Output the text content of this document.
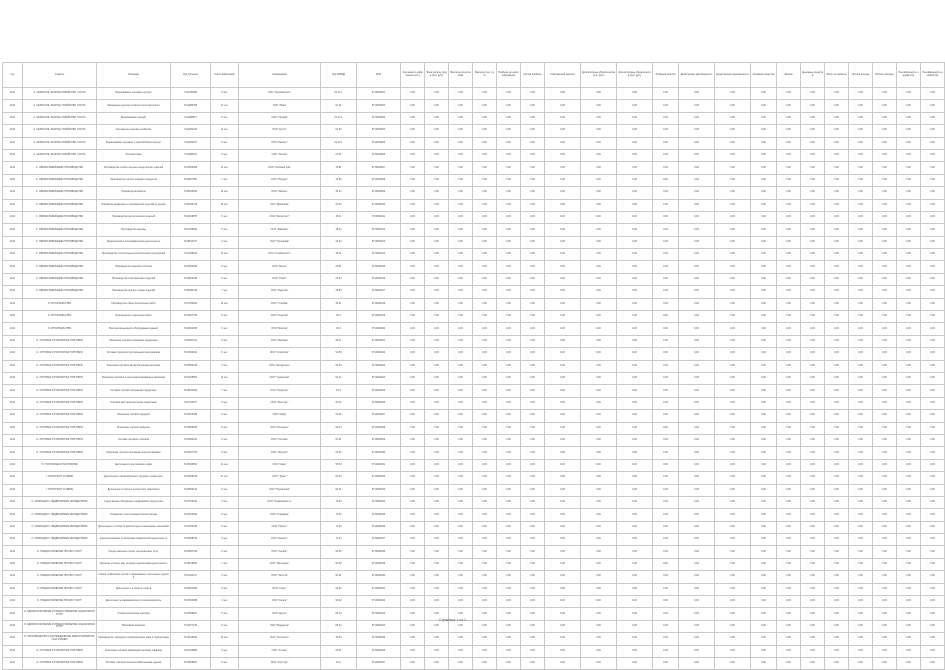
Год	Отрасль	Описание	Код субъекта	Число работников	Организация	Код ОКВЭД	ИНН	Численность работников (чел.)	Фонд оплаты труда (тыс. руб.)	Выплаты по договорам	Выручка (тыс. руб.)	Прибыль до налогообложения	Чистая прибыль	Собственный капитал	Долгосрочные обязательства (тыс. руб.)	Краткосрочные обязательства (тыс. руб.)	Уставный капитал	Дебиторская задолженность	Кредиторская задолженность	Основные средства	Запасы	Денежные средства	Налог на прибыль	Прочие доходы	Прочие расходы	Рентабельность продаж (%)	Рентабельность активов (%)
2011	А. СЕЛЬСКОЕ, ЛЕСНОЕ ХОЗЯЙСТВО, ОХОТА	Выращивание зерновых культур	7111790385	6 чел.	ООО "Агрокомплекс"	01.11.1	5710000001	0,00	0,00	0,00	0,00	0,00	0,00	0,00	0,00	0,00	0,00	0,00	0,00	0,00	0,00	0,00	0,00	0,00	0,00	0,00	0,00
2011	А. СЕЛЬСКОЕ, ЛЕСНОЕ ХОЗЯЙСТВО, ОХОТА	Разведение крупного рогатого скота молочного	7112085238	11 чел.	ООО "Нива"	01.21	5710000002	0,00	0,00	0,00	0,00	0,00	0,00	0,00	0,00	0,00	0,00	0,00	0,00	0,00	0,00	0,00	0,00	0,00	0,00	0,00	0,00
2011	А. СЕЛЬСКОЕ, ЛЕСНОЕ ХОЗЯЙСТВО, ОХОТА	Выращивание овощей	7111288871	9 чел.	ООО "Урожай"	01.12.1	5710000003	0,00	0,00	0,00	0,00	0,00	0,00	0,00	0,00	0,00	0,00	0,00	0,00	0,00	0,00	0,00	0,00	0,00	0,00	0,00	0,00
2011	А. СЕЛЬСКОЕ, ЛЕСНОЕ ХОЗЯЙСТВО, ОХОТА	Смешанное сельское хозяйство	7111029125	14 чел.	ООО "Колос"	01.30	5710000004	0,00	0,00	0,00	0,00	0,00	0,00	0,00	0,00	0,00	0,00	0,00	0,00	0,00	0,00	0,00	0,00	0,00	0,00	0,00	0,00
2011	А. СЕЛЬСКОЕ, ЛЕСНОЕ ХОЗЯЙСТВО, ОХОТА	Выращивание зерновых и зернобобовых культур	7111039237	8 чел.	ООО "Рассвет"	01.11.1	5710000005	0,00	0,00	0,00	0,00	0,00	0,00	0,00	0,00	0,00	0,00	0,00	0,00	0,00	0,00	0,00	0,00	0,00	0,00	0,00	0,00
2011	А. СЕЛЬСКОЕ, ЛЕСНОЕ ХОЗЯЙСТВО, ОХОТА	Лесозаготовки	7111086410	5 чел.	ООО "Лесник"	02.01	5710000006	0,00	0,00	0,00	0,00	0,00	0,00	0,00	0,00	0,00	0,00	0,00	0,00	0,00	0,00	0,00	0,00	0,00	0,00	0,00	0,00
2011	С. ОБРАБАТЫВАЮЩИЕ ПРОИЗВОДСТВА	Производство хлеба и мучных кондитерских изделий	7104063025	12 чел.	ООО "Хлебный дом"	15.81	5710000007	0,00	0,00	0,00	0,00	0,00	0,00	0,00	0,00	0,00	0,00	0,00	0,00	0,00	0,00	0,00	0,00	0,00	0,00	0,00	0,00
2011	С. ОБРАБАТЫВАЮЩИЕ ПРОИЗВОДСТВА	Производство прочих пищевых продуктов	7105027081	7 чел.	ООО "Продукт"	15.89	5710000008	0,00	0,00	0,00	0,00	0,00	0,00	0,00	0,00	0,00	0,00	0,00	0,00	0,00	0,00	0,00	0,00	0,00	0,00	0,00	0,00
2011	С. ОБРАБАТЫВАЮЩИЕ ПРОИЗВОДСТВА	Производство мебели	7106049331	10 чел.	ООО "Мебель"	36.14	5710000009	0,00	0,00	0,00	0,00	0,00	0,00	0,00	0,00	0,00	0,00	0,00	0,00	0,00	0,00	0,00	0,00	0,00	0,00	0,00	0,00
2011	С. ОБРАБАТЫВАЮЩИЕ ПРОИЗВОДСТВА	Обработка древесины и производство изделий из дерева	7103044119	15 чел.	ООО "Древпром"	20.10	5710000010	0,00	0,00	0,00	0,00	0,00	0,00	0,00	0,00	0,00	0,00	0,00	0,00	0,00	0,00	0,00	0,00	0,00	0,00	0,00	0,00
2011	С. ОБРАБАТЫВАЮЩИЕ ПРОИЗВОДСТВА	Производство металлических изделий	7102019875	9 чел.	ООО "Металлист"	28.11	5710000011	0,00	0,00	0,00	0,00	0,00	0,00	0,00	0,00	0,00	0,00	0,00	0,00	0,00	0,00	0,00	0,00	0,00	0,00	0,00	0,00
2011	С. ОБРАБАТЫВАЮЩИЕ ПРОИЗВОДСТВА	Производство одежды	7107036662	6 чел.	ООО "Швейник"	18.22	5710000012	0,00	0,00	0,00	0,00	0,00	0,00	0,00	0,00	0,00	0,00	0,00	0,00	0,00	0,00	0,00	0,00	0,00	0,00	0,00	0,00
2011	С. ОБРАБАТЫВАЮЩИЕ ПРОИЗВОДСТВА	Издательская и полиграфическая деятельность	7108012377	4 чел.	ООО "Полиграф"	22.22	5710000013	0,00	0,00	0,00	0,00	0,00	0,00	0,00	0,00	0,00	0,00	0,00	0,00	0,00	0,00	0,00	0,00	0,00	0,00	0,00	0,00
2011	С. ОБРАБАТЫВАЮЩИЕ ПРОИЗВОДСТВА	Производство строительных металлических конструкций	7101098120	13 чел.	ООО "Стройметалл"	28.11	5710000014	0,00	0,00	0,00	0,00	0,00	0,00	0,00	0,00	0,00	0,00	0,00	0,00	0,00	0,00	0,00	0,00	0,00	0,00	0,00	0,00
2011	С. ОБРАБАТЫВАЮЩИЕ ПРОИЗВОДСТВА	Производство изделий из бетона	7104052226	8 чел.	ООО "Бетон"	26.61	5710000015	0,00	0,00	0,00	0,00	0,00	0,00	0,00	0,00	0,00	0,00	0,00	0,00	0,00	0,00	0,00	0,00	0,00	0,00	0,00	0,00
2011	С. ОБРАБАТЫВАЮЩИЕ ПРОИЗВОДСТВА	Производство пластмассовых изделий	7106023448	5 чел.	ООО "Пласт"	25.24	5710000016	0,00	0,00	0,00	0,00	0,00	0,00	0,00	0,00	0,00	0,00	0,00	0,00	0,00	0,00	0,00	0,00	0,00	0,00	0,00	0,00
2011	С. ОБРАБАТЫВАЮЩИЕ ПРОИЗВОДСТВА	Производство прочих готовых изделий	7105081139	7 чел.	ООО "Изделия"	36.63	5710000017	0,00	0,00	0,00	0,00	0,00	0,00	0,00	0,00	0,00	0,00	0,00	0,00	0,00	0,00	0,00	0,00	0,00	0,00	0,00	0,00
2011	F. СТРОИТЕЛЬСТВО	Производство общестроительных работ	7107050024	16 чел.	ООО "Стройка"	45.21	5710000018	0,00	0,00	0,00	0,00	0,00	0,00	0,00	0,00	0,00	0,00	0,00	0,00	0,00	0,00	0,00	0,00	0,00	0,00	0,00	0,00
2011	F. СТРОИТЕЛЬСТВО	Производство отделочных работ	7103027790	9 чел.	ООО "Отделка"	45.4	5710000019	0,00	0,00	0,00	0,00	0,00	0,00	0,00	0,00	0,00	0,00	0,00	0,00	0,00	0,00	0,00	0,00	0,00	0,00	0,00	0,00
2011	F. СТРОИТЕЛЬСТВО	Монтаж инженерного оборудования зданий	7102044356	6 чел.	ООО "Монтаж"	45.3	5710000020	0,00	0,00	0,00	0,00	0,00	0,00	0,00	0,00	0,00	0,00	0,00	0,00	0,00	0,00	0,00	0,00	0,00	0,00	0,00	0,00
2011	G. ОПТОВАЯ И РОЗНИЧНАЯ ТОРГОВЛЯ	Розничная торговля пищевыми продуктами	7106007911	5 чел.	ООО "Магазин"	52.11	5710000021	0,00	0,00	0,00	0,00	0,00	0,00	0,00	0,00	0,00	0,00	0,00	0,00	0,00	0,00	0,00	0,00	0,00	0,00	0,00	0,00
2011	G. ОПТОВАЯ И РОЗНИЧНАЯ ТОРГОВЛЯ	Оптовая торговля строительными материалами	7104090012	8 чел.	ООО "Стройторг"	51.53	5710000022	0,00	0,00	0,00	0,00	0,00	0,00	0,00	0,00	0,00	0,00	0,00	0,00	0,00	0,00	0,00	0,00	0,00	0,00	0,00	0,00
2011	G. ОПТОВАЯ И РОЗНИЧНАЯ ТОРГОВЛЯ	Розничная торговля автомобильными деталями	7105063218	4 чел.	ООО "Автодеталь"	50.30	5710000023	0,00	0,00	0,00	0,00	0,00	0,00	0,00	0,00	0,00	0,00	0,00	0,00	0,00	0,00	0,00	0,00	0,00	0,00	0,00	0,00
2011	G. ОПТОВАЯ И РОЗНИЧНАЯ ТОРГОВЛЯ	Розничная торговля в неспециализированных магазинах	7101025504	10 чел.	ООО "Универсам"	52.12	5710000024	0,00	0,00	0,00	0,00	0,00	0,00	0,00	0,00	0,00	0,00	0,00	0,00	0,00	0,00	0,00	0,00	0,00	0,00	0,00	0,00
2011	G. ОПТОВАЯ И РОЗНИЧНАЯ ТОРГОВЛЯ	Оптовая торговля пищевыми продуктами	7108034490	7 чел.	ООО "Продторг"	51.3	5710000025	0,00	0,00	0,00	0,00	0,00	0,00	0,00	0,00	0,00	0,00	0,00	0,00	0,00	0,00	0,00	0,00	0,00	0,00	0,00	0,00
2011	G. ОПТОВАЯ И РОЗНИЧНАЯ ТОРГОВЛЯ	Торговля автотранспортными средствами	7107011877	6 чел.	ООО "Автоторг"	50.10	5710000026	0,00	0,00	0,00	0,00	0,00	0,00	0,00	0,00	0,00	0,00	0,00	0,00	0,00	0,00	0,00	0,00	0,00	0,00	0,00	0,00
2011	G. ОПТОВАЯ И РОЗНИЧНАЯ ТОРГОВЛЯ	Розничная торговля одеждой	7103079465	3 чел.	ООО "Мода"	52.42	5710000027	0,00	0,00	0,00	0,00	0,00	0,00	0,00	0,00	0,00	0,00	0,00	0,00	0,00	0,00	0,00	0,00	0,00	0,00	0,00	0,00
2011	G. ОПТОВАЯ И РОЗНИЧНАЯ ТОРГОВЛЯ	Розничная торговля мебелью	7102058346	5 чел.	ООО "Интерьер"	52.44	5710000028	0,00	0,00	0,00	0,00	0,00	0,00	0,00	0,00	0,00	0,00	0,00	0,00	0,00	0,00	0,00	0,00	0,00	0,00	0,00	0,00
2011	G. ОПТОВАЯ И РОЗНИЧНАЯ ТОРГОВЛЯ	Оптовая торговля топливом	7106092234	9 чел.	ООО "Топливо"	51.51	5710000029	0,00	0,00	0,00	0,00	0,00	0,00	0,00	0,00	0,00	0,00	0,00	0,00	0,00	0,00	0,00	0,00	0,00	0,00	0,00	0,00
2011	G. ОПТОВАЯ И РОЗНИЧНАЯ ТОРГОВЛЯ	Розничная торговля бытовыми электротоварами	7104017763	4 чел.	ООО "Электро"	52.45	5710000030	0,00	0,00	0,00	0,00	0,00	0,00	0,00	0,00	0,00	0,00	0,00	0,00	0,00	0,00	0,00	0,00	0,00	0,00	0,00	0,00
2011	H. ГОСТИНИЦЫ И РЕСТОРАНЫ	Деятельность ресторанов и кафе	7105040551	12 чел.	ООО "Кафе"	55.30	5710000031	0,00	0,00	0,00	0,00	0,00	0,00	0,00	0,00	0,00	0,00	0,00	0,00	0,00	0,00	0,00	0,00	0,00	0,00	0,00	0,00
2011	I. ТРАНСПОРТ И СВЯЗЬ	Деятельность автомобильного грузового транспорта	7101066819	11 чел.	ООО "Транс"	60.24	5710000032	0,00	0,00	0,00	0,00	0,00	0,00	0,00	0,00	0,00	0,00	0,00	0,00	0,00	0,00	0,00	0,00	0,00	0,00	0,00	0,00
2011	I. ТРАНСПОРТ И СВЯЗЬ	Деятельность прочего сухопутного транспорта	7108050123	6 чел.	ООО "Перевозчик"	60.21	5710000033	0,00	0,00	0,00	0,00	0,00	0,00	0,00	0,00	0,00	0,00	0,00	0,00	0,00	0,00	0,00	0,00	0,00	0,00	0,00	0,00
2011	K. ОПЕРАЦИИ С НЕДВИЖИМЫМ ИМУЩЕСТВОМ	Сдача внаем собственного недвижимого имущества	7107025432	3 чел.	ООО "Недвижимость"	70.20	5710000034	0,00	0,00	0,00	0,00	0,00	0,00	0,00	0,00	0,00	0,00	0,00	0,00	0,00	0,00	0,00	0,00	0,00	0,00	0,00	0,00
2011	K. ОПЕРАЦИИ С НЕДВИЖИМЫМ ИМУЩЕСТВОМ	Управление эксплуатацией жилого фонда	7103012290	8 чел.	ООО "Управдом"	70.32	5710000035	0,00	0,00	0,00	0,00	0,00	0,00	0,00	0,00	0,00	0,00	0,00	0,00	0,00	0,00	0,00	0,00	0,00	0,00	0,00	0,00
2011	K. ОПЕРАЦИИ С НЕДВИЖИМЫМ ИМУЩЕСТВОМ	Деятельность в области архитектуры и инженерных изысканий	7102033785	5 чел.	ООО "Проект"	74.20	5710000036	0,00	0,00	0,00	0,00	0,00	0,00	0,00	0,00	0,00	0,00	0,00	0,00	0,00	0,00	0,00	0,00	0,00	0,00	0,00	0,00
2011	K. ОПЕРАЦИИ С НЕДВИЖИМЫМ ИМУЩЕСТВОМ	Консультирование по вопросам коммерческой деятельности	7106058879	4 чел.	ООО "Консалт"	74.14	5710000037	0,00	0,00	0,00	0,00	0,00	0,00	0,00	0,00	0,00	0,00	0,00	0,00	0,00	0,00	0,00	0,00	0,00	0,00	0,00	0,00
2011	O. ПРЕДОСТАВЛЕНИЕ ПРОЧИХ УСЛУГ	Предоставление прочих персональных услуг	7104087316	2 чел.	ООО "Сервис"	93.05	5710000038	0,00	0,00	0,00	0,00	0,00	0,00	0,00	0,00	0,00	0,00	0,00	0,00	0,00	0,00	0,00	0,00	0,00	0,00	0,00	0,00
2011	O. ПРЕДОСТАВЛЕНИЕ ПРОЧИХ УСЛУГ	Удаление сточных вод, отходов и аналогичная деятельность	7105019954	7 чел.	ООО "Экосервис"	90.00	5710000039	0,00	0,00	0,00	0,00	0,00	0,00	0,00	0,00	0,00	0,00	0,00	0,00	0,00	0,00	0,00	0,00	0,00	0,00	0,00	0,00
2011	O. ПРЕДОСТАВЛЕНИЕ ПРОЧИХ УСЛУГ	Стирка, химическая чистка и окрашивание текстильных изделий	7101044217	3 чел.	ООО "Чистота"	93.01	5710000040	0,00	0,00	0,00	0,00	0,00	0,00	0,00	0,00	0,00	0,00	0,00	0,00	0,00	0,00	0,00	0,00	0,00	0,00	0,00	0,00
2011	O. ПРЕДОСТАВЛЕНИЕ ПРОЧИХ УСЛУГ	Деятельность в области спорта	7108021650	6 чел.	ООО "Спорт"	92.62	5710000041	0,00	0,00	0,00	0,00	0,00	0,00	0,00	0,00	0,00	0,00	0,00	0,00	0,00	0,00	0,00	0,00	0,00	0,00	0,00	0,00
2011	O. ПРЕДОСТАВЛЕНИЕ ПРОЧИХ УСЛУГ	Деятельность парикмахерских и салонов красоты	7107063388	4 чел.	ООО "Салон"	93.02	5710000042	0,00	0,00	0,00	0,00	0,00	0,00	0,00	0,00	0,00	0,00	0,00	0,00	0,00	0,00	0,00	0,00	0,00	0,00	0,00	0,00
2011	N. ЗДРАВООХРАНЕНИЕ И ПРЕДОСТАВЛЕНИЕ СОЦИАЛЬНЫХ УСЛУГ	Стоматологическая практика	7103058847	5 чел.	ООО "Дента"	85.13	5710000043	0,00	0,00	0,00	0,00	0,00	0,00	0,00	0,00	0,00	0,00	0,00	0,00	0,00	0,00	0,00	0,00	0,00	0,00	0,00	0,00
2011	N. ЗДРАВООХРАНЕНИЕ И ПРЕДОСТАВЛЕНИЕ СОЦИАЛЬНЫХ УСЛУГ	Врачебная практика	7102077125	9 чел.	ООО "Медцентр"	85.12	5710000044	0,00	0,00	0,00	0,00	0,00	0,00	0,00	0,00	0,00	0,00	0,00	0,00	0,00	0,00	0,00	0,00	0,00	0,00	0,00	0,00
2011	D. ПРОИЗВОДСТВО И РАСПРЕДЕЛЕНИЕ ЭЛЕКТРОЭНЕРГИИ, ГАЗА И ВОДЫ	Производство, передача и распределение пара и горячей воды	7106014502	10 чел.	ООО "Теплосеть"	40.30	5710000045	0,00	0,00	0,00	0,00	0,00	0,00	0,00	0,00	0,00	0,00	0,00	0,00	0,00	0,00	0,00	0,00	0,00	0,00	0,00	0,00
2011	G. ОПТОВАЯ И РОЗНИЧНАЯ ТОРГОВЛЯ	Розничная торговля фармацевтическими товарами	7104036688	4 чел.	ООО "Аптека"	52.31	5710000046	0,00	0,00	0,00	0,00	0,00	0,00	0,00	0,00	0,00	0,00	0,00	0,00	0,00	0,00	0,00	0,00	0,00	0,00	0,00	0,00
2011	G. ОПТОВАЯ И РОЗНИЧНАЯ ТОРГОВЛЯ	Оптовая торговля сельскохозяйственным сырьем	7105098831	6 чел.	ООО "Агроторг"	51.2	5710000047	0,00	0,00	0,00	0,00	0,00	0,00	0,00	0,00	0,00	0,00	0,00	0,00	0,00	0,00	0,00	0,00	0,00	0,00	0,00	0,00
Страница 1 из 1
